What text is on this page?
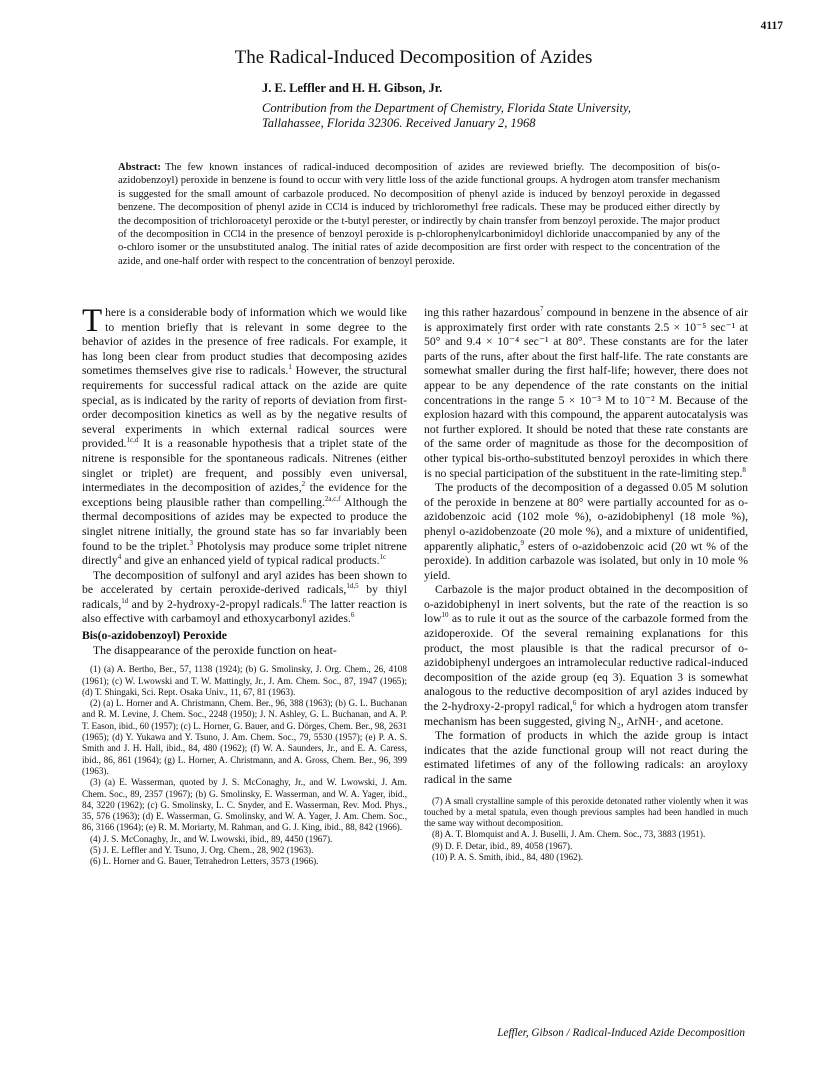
4117
The Radical-Induced Decomposition of Azides
J. E. Leffler and H. H. Gibson, Jr.
Contribution from the Department of Chemistry, Florida State University,
Tallahassee, Florida 32306. Received January 2, 1968

Abstract: The few known instances of radical-induced decomposition of azides are reviewed briefly. The decomposition of bis(o-azidobenzoyl) peroxide in benzene is found to occur with very little loss of the azide functional groups. A hydrogen atom transfer mechanism is suggested for the small amount of carbazole produced. No decomposition of phenyl azide is induced by benzoyl peroxide in degassed benzene. The decomposition of phenyl azide in CCl4 is induced by trichloromethyl free radicals. These may be produced either directly by the decomposition of trichloroacetyl peroxide or the t-butyl perester, or indirectly by chain transfer from benzoyl peroxide. The major product of the decomposition in CCl4 in the presence of benzoyl peroxide is p-chlorophenylcarbonimidoyl dichloride unaccompanied by any of the o-chloro isomer or the unsubstituted analog. The initial rates of azide decomposition are first order with respect to the concentration of the azide, and one-half order with respect to the concentration of benzoyl peroxide.

There is a considerable body of information which we would like to mention briefly that is relevant in some degree to the behavior of azides in the presence of free radicals. For example, it has long been clear from product studies that decomposing azides sometimes themselves give rise to radicals.$^1$ However, the structural requirements for successful radical attack on the azide are quite special, as is indicated by the rarity of reports of deviation from first-order decomposition kinetics as well as by the negative results of several experiments in which external radical sources were provided.$^{1c,d}$ It is a reasonable hypothesis that a triplet state of the nitrene is responsible for the spontaneous radicals. Nitrenes (either singlet or triplet) are frequent, and possibly even universal, intermediates in the decomposition of azides,$^2$ the evidence for the exceptions being plausible rather than compelling.$^{2a,c,f}$ Although the thermal decompositions of azides may be expected to produce the singlet nitrene initially, the ground state has so far invariably been found to be the triplet.$^3$ Photolysis may produce some triplet nitrene directly$^4$ and give an enhanced yield of typical radical products.$^{1c}$

The decomposition of sulfonyl and aryl azides has been shown to be accelerated by certain peroxide-derived radicals,$^{1d,5}$ by thiyl radicals,$^{1d}$ and by 2-hydroxy-2-propyl radicals.$^6$ The latter reaction is also effective with carbamoyl and ethoxycarbonyl azides.$^6$

Bis(o-azidobenzoyl) Peroxide

The disappearance of the peroxide function on heat-

(1) (a) A. Bertho, Ber., 57, 1138 (1924); (b) G. Smolinsky, J. Org. Chem., 26, 4108 (1961); (c) W. Lwowski and T. W. Mattingly, Jr., J. Am. Chem. Soc., 87, 1947 (1965); (d) T. Shingaki, Sci. Rept. Osaka Univ., 11, 67, 81 (1963).
(2) (a) L. Horner and A. Christmann, Chem. Ber., 96, 388 (1963); (b) G. L. Buchanan and R. M. Levine, J. Chem. Soc., 2248 (1950); J. N. Ashley, G. L. Buchanan, and A. P. T. Eason, ibid., 60 (1957); (c) L. Horner, G. Bauer, and G. Dörges, Chem. Ber., 98, 2631 (1965); (d) Y. Yukawa and Y. Tsuno, J. Am. Chem. Soc., 79, 5530 (1957); (e) P. A. S. Smith and J. H. Hall, ibid., 84, 480 (1962); (f) W. A. Saunders, Jr., and E. A. Caress, ibid., 86, 861 (1964); (g) L. Horner, A. Christmann, and A. Gross, Chem. Ber., 96, 399 (1963).
(3) (a) E. Wasserman, quoted by J. S. McConaghy, Jr., and W. Lwowski, J. Am. Chem. Soc., 89, 2357 (1967); (b) G. Smolinsky, E. Wasserman, and W. A. Yager, ibid., 84, 3220 (1962); (c) G. Smolinsky, L. C. Snyder, and E. Wasserman, Rev. Mod. Phys., 35, 576 (1963); (d) E. Wasserman, G. Smolinsky, and W. A. Yager, J. Am. Chem. Soc., 86, 3166 (1964); (e) R. M. Moriarty, M. Rahman, and G. J. King, ibid., 88, 842 (1966).
(4) J. S. McConaghy, Jr., and W. Lwowski, ibid., 89, 4450 (1967).
(5) J. E. Leffler and Y. Tsuno, J. Org. Chem., 28, 902 (1963).
(6) L. Horner and G. Bauer, Tetrahedron Letters, 3573 (1966).

ing this rather hazardous$^7$ compound in benzene in the absence of air is approximately first order with rate constants 2.5 × 10⁻⁵ sec⁻¹ at 50° and 9.4 × 10⁻⁴ sec⁻¹ at 80°. These constants are for the later parts of the runs, after about the first half-life. The rate constants are somewhat smaller during the first half-life; however, there does not appear to be any dependence of the rate constants on the initial concentrations in the range 5 × 10⁻³ M to 10⁻² M. Because of the explosion hazard with this compound, the apparent autocatalysis was not further explored. It should be noted that these rate constants are of the same order of magnitude as those for the decomposition of other typical bis-ortho-substituted benzoyl peroxides in which there is no special participation of the substituent in the rate-limiting step.$^8$

The products of the decomposition of a degassed 0.05 M solution of the peroxide in benzene at 80° were partially accounted for as o-azidobenzoic acid (102 mole %), o-azidobiphenyl (18 mole %), phenyl o-azidobenzoate (20 mole %), and a mixture of unidentified, apparently aliphatic,$^9$ esters of o-azidobenzoic acid (20 wt % of the peroxide). In addition carbazole was isolated, but only in 10 mole % yield.

Carbazole is the major product obtained in the decomposition of o-azidobiphenyl in inert solvents, but the rate of the reaction is so low$^{10}$ as to rule it out as the source of the carbazole formed from the azidoperoxide. Of the several remaining explanations for this product, the most plausible is that the radical precursor of o-azidobiphenyl undergoes an intramolecular reductive radical-induced decomposition of the azide group (eq 3). Equation 3 is somewhat analogous to the reductive decomposition of aryl azides induced by the 2-hydroxy-2-propyl radical,$^6$ for which a hydrogen atom transfer mechanism has been suggested, giving N₂, ArNH·, and acetone.

The formation of products in which the azide group is intact indicates that the azide functional group will not react during the estimated lifetimes of any of the following radicals: an aroyloxy radical in the same

(7) A small crystalline sample of this peroxide detonated rather violently when it was touched by a metal spatula, even though previous samples had been handled in much the same way without decomposition.
(8) A. T. Blomquist and A. J. Buselli, J. Am. Chem. Soc., 73, 3883 (1951).
(9) D. F. Detar, ibid., 89, 4058 (1967).
(10) P. A. S. Smith, ibid., 84, 480 (1962).
Leffler, Gibson / Radical-Induced Azide Decomposition
